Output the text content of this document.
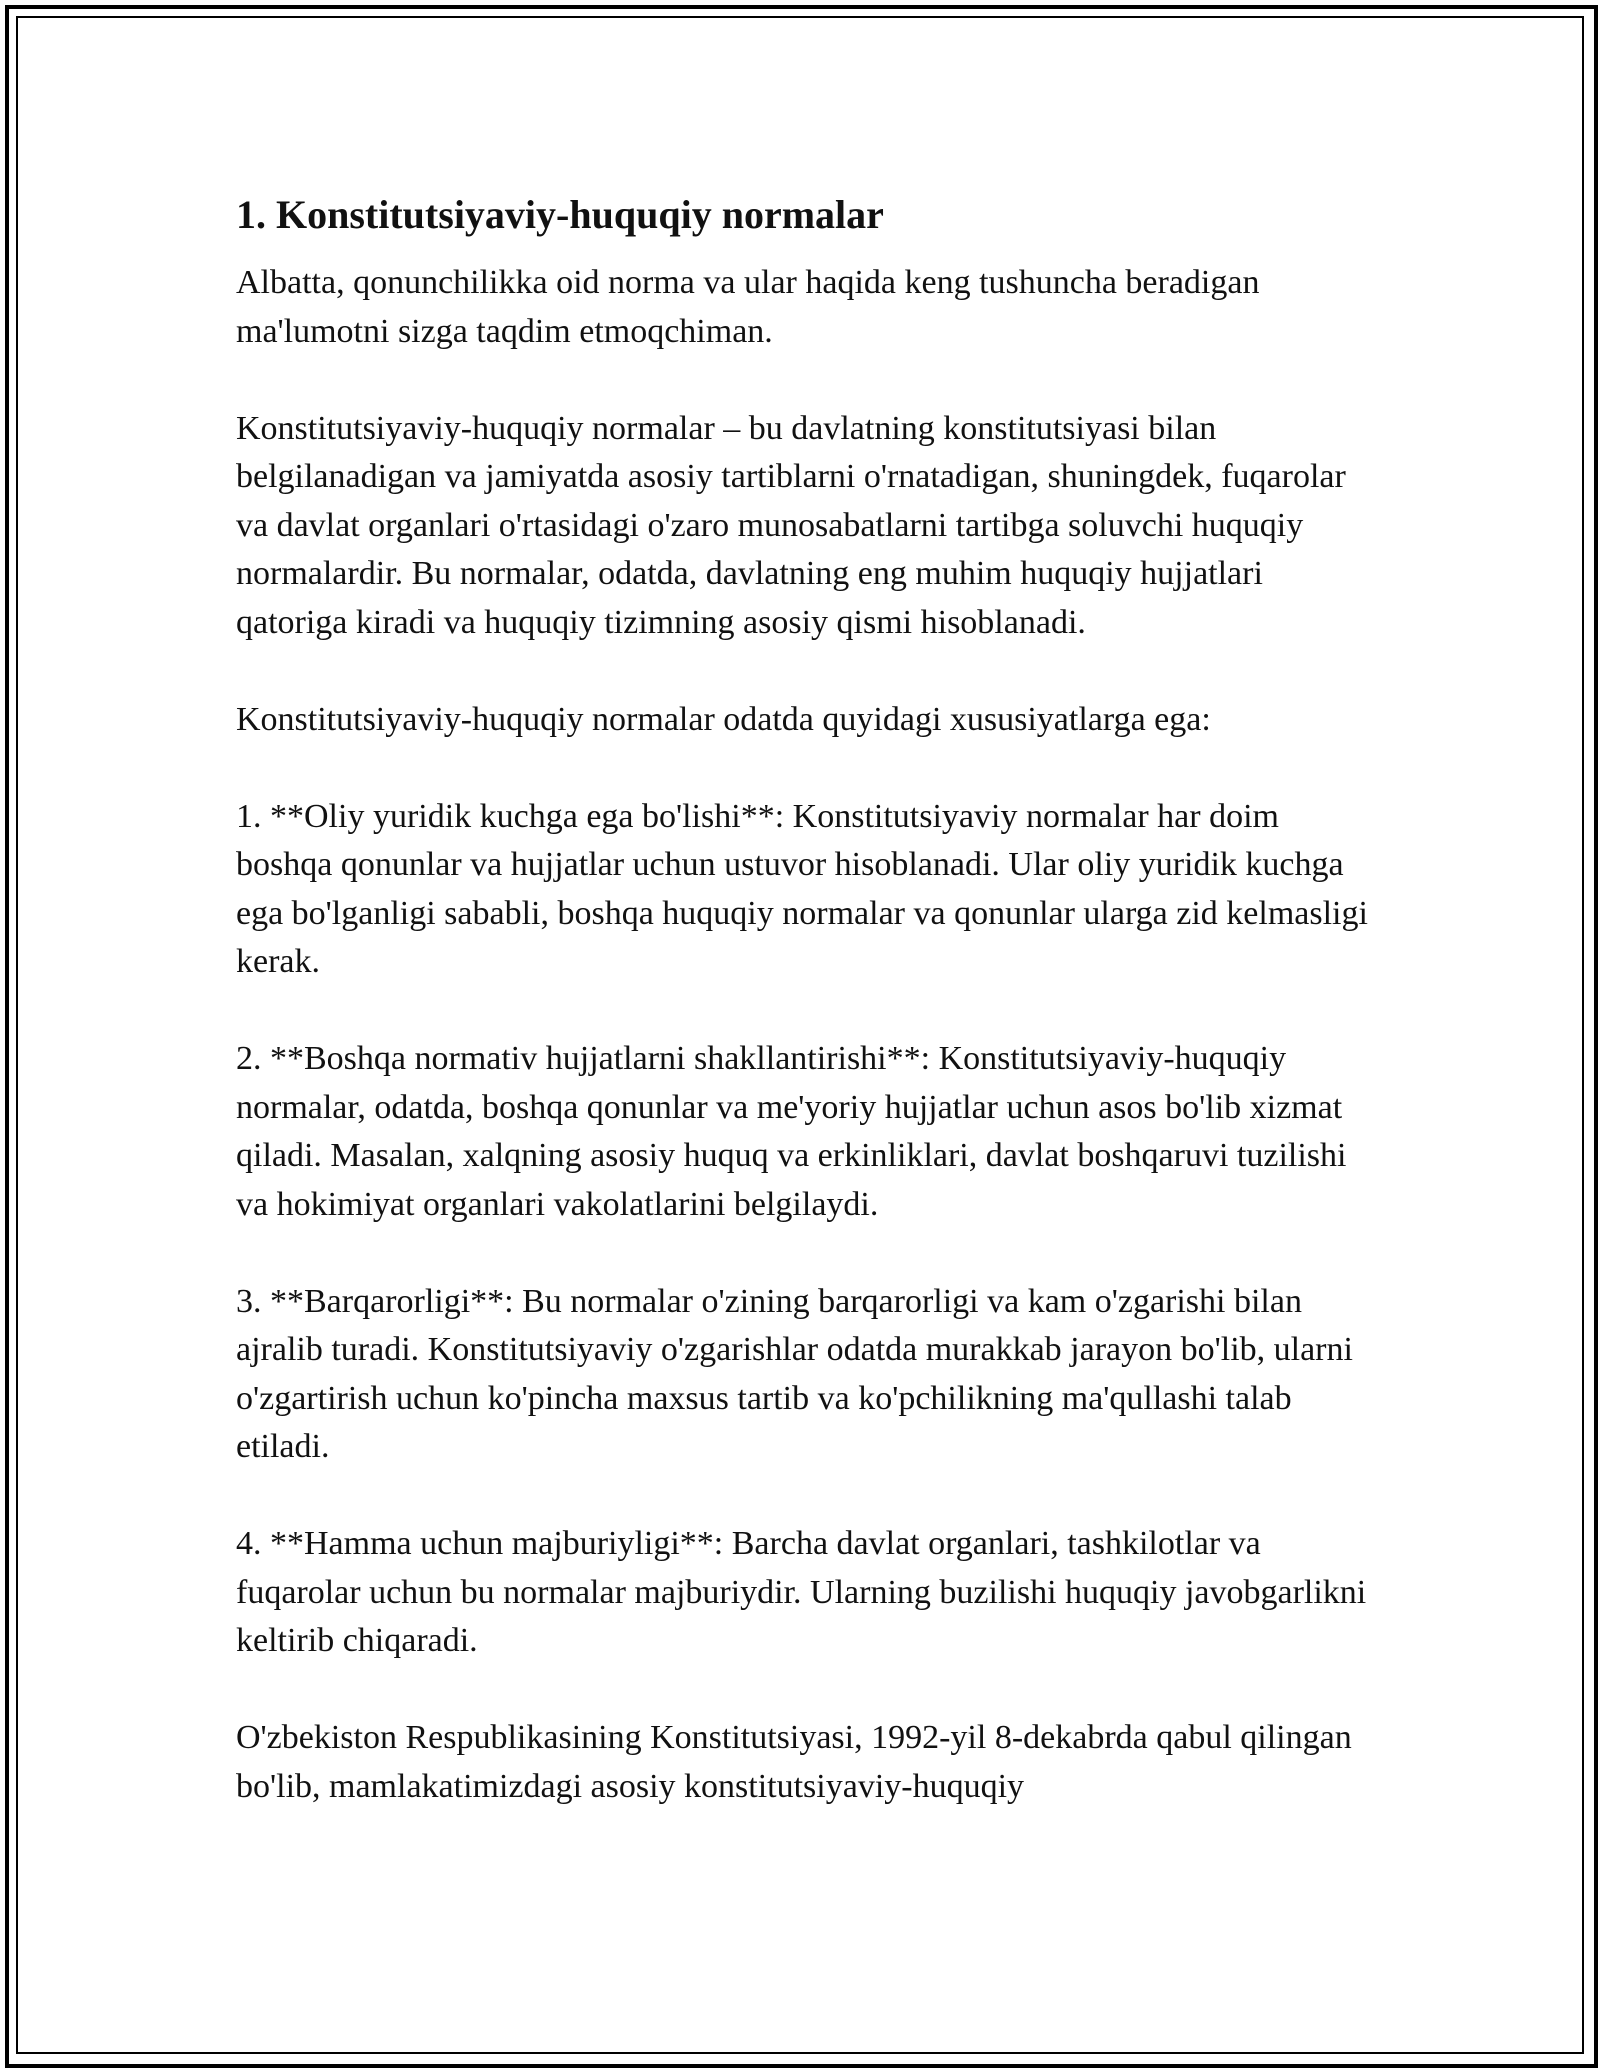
1. Konstitutsiyaviy-huquqiy normalar

Albatta, qonunchilikka oid norma va ular haqida keng tushuncha beradigan ma'lumotni sizga taqdim etmoqchiman.

Konstitutsiyaviy-huquqiy normalar – bu davlatning konstitutsiyasi bilan belgilanadigan va jamiyatda asosiy tartiblarni o'rnatadigan, shuningdek, fuqarolar va davlat organlari o'rtasidagi o'zaro munosabatlarni tartibga soluvchi huquqiy normalardir. Bu normalar, odatda, davlatning eng muhim huquqiy hujjatlari qatoriga kiradi va huquqiy tizimning asosiy qismi hisoblanadi.

Konstitutsiyaviy-huquqiy normalar odatda quyidagi xususiyatlarga ega:

1. **Oliy yuridik kuchga ega bo'lishi**: Konstitutsiyaviy normalar har doim boshqa qonunlar va hujjatlar uchun ustuvor hisoblanadi. Ular oliy yuridik kuchga ega bo'lganligi sababli, boshqa huquqiy normalar va qonunlar ularga zid kelmasligi kerak.

2. **Boshqa normativ hujjatlarni shakllantirishi**: Konstitutsiyaviy-huquqiy normalar, odatda, boshqa qonunlar va me'yoriy hujjatlar uchun asos bo'lib xizmat qiladi. Masalan, xalqning asosiy huquq va erkinliklari, davlat boshqaruvi tuzilishi va hokimiyat organlari vakolatlarini belgilaydi.

3. **Barqarorligi**: Bu normalar o'zining barqarorligi va kam o'zgarishi bilan ajralib turadi. Konstitutsiyaviy o'zgarishlar odatda murakkab jarayon bo'lib, ularni o'zgartirish uchun ko'pincha maxsus tartib va ko'pchilikning ma'qullashi talab etiladi.

4. **Hamma uchun majburiyligi**: Barcha davlat organlari, tashkilotlar va fuqarolar uchun bu normalar majburiydir. Ularning buzilishi huquqiy javobgarlikni keltirib chiqaradi.

O'zbekiston Respublikasining Konstitutsiyasi, 1992-yil 8-dekabrda qabul qilingan bo'lib, mamlakatimizdagi asosiy konstitutsiyaviy-huquqiy
